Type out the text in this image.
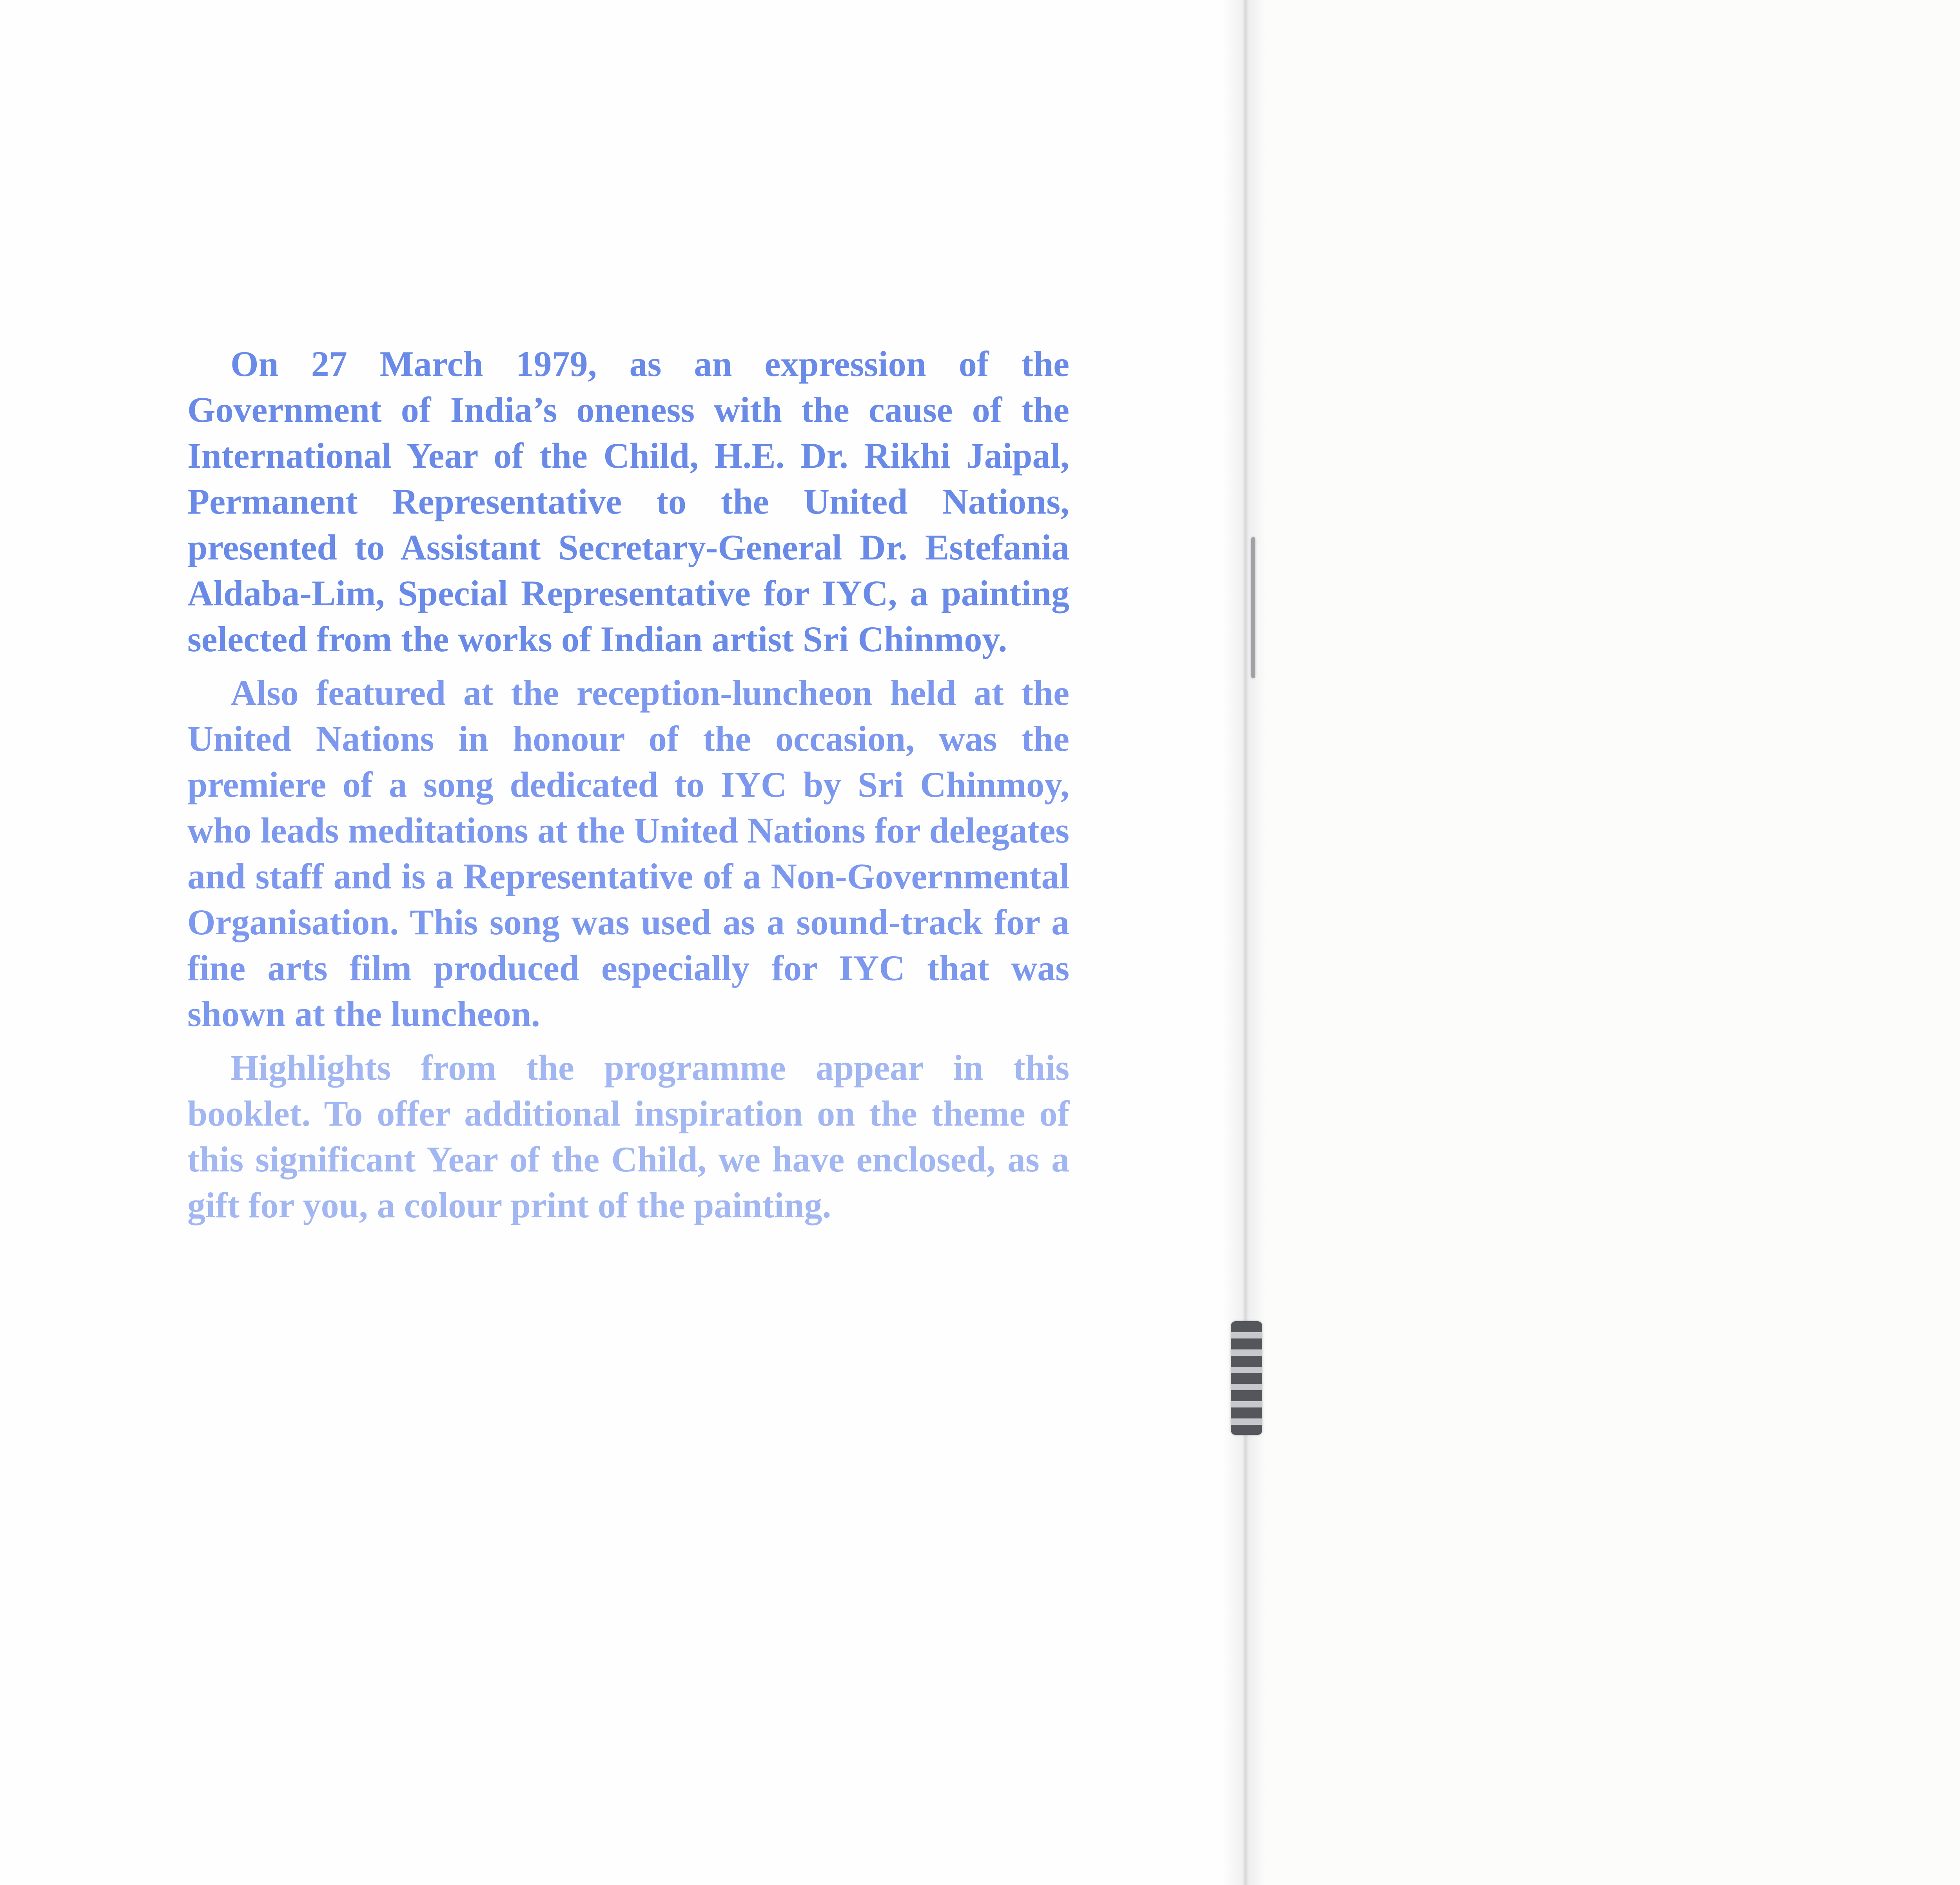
On 27 March 1979, as an expression of the Government of India’s oneness with the cause of the International Year of the Child, H.E. Dr. Rikhi Jaipal, Permanent Representative to the United Nations, presented to Assistant Secretary-General Dr. Estefania Aldaba-Lim, Special Representative for IYC, a painting selected from the works of Indian artist Sri Chinmoy.

Also featured at the reception-luncheon held at the United Nations in honour of the occasion, was the premiere of a song dedicated to IYC by Sri Chinmoy, who leads meditations at the United Nations for delegates and staff and is a Representative of a Non-Governmental Organisation. This song was used as a sound-track for a fine arts film produced especially for IYC that was shown at the luncheon.

Highlights from the programme appear in this booklet. To offer additional inspiration on the theme of this significant Year of the Child, we have enclosed, as a gift for you, a colour print of the painting.
